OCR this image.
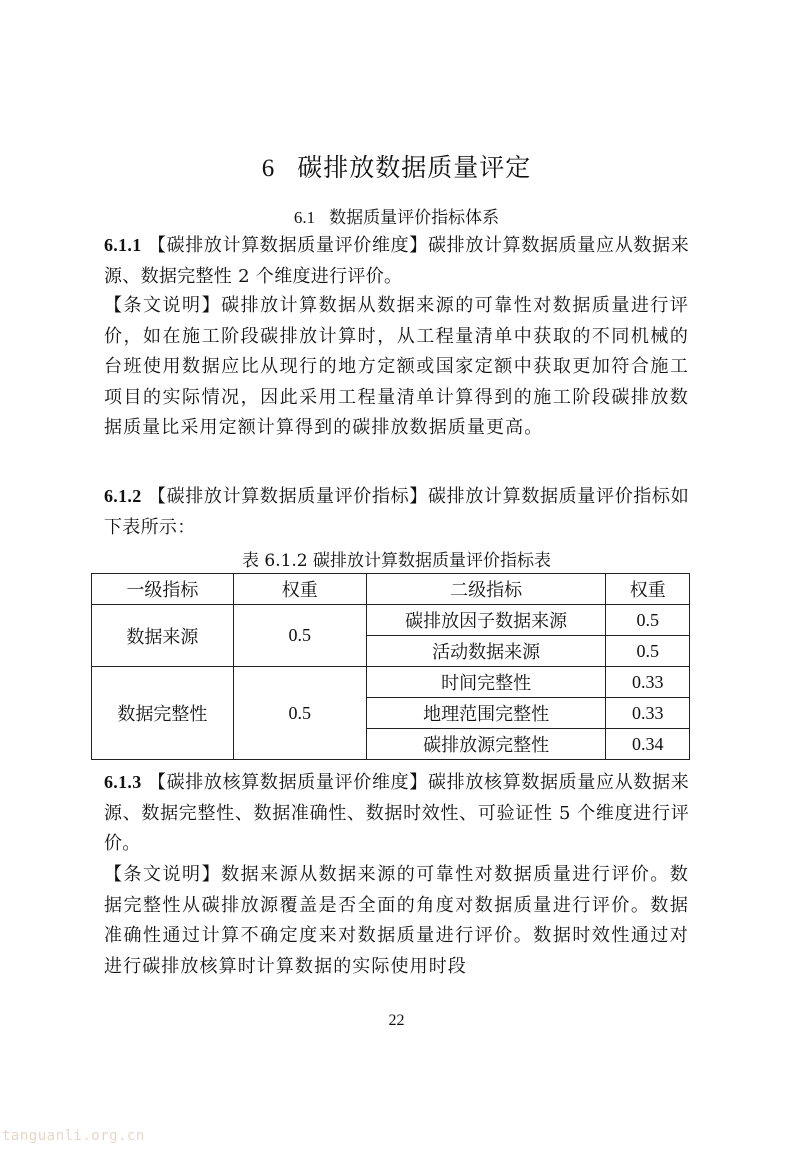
6 碳排放数据质量评定
6.1 数据质量评价指标体系
6.1.1 【碳排放计算数据质量评价维度】碳排放计算数据质量应从数据来源、数据完整性 2 个维度进行评价。
【条文说明】碳排放计算数据从数据来源的可靠性对数据质量进行评价，如在施工阶段碳排放计算时，从工程量清单中获取的不同机械的台班使用数据应比从现行的地方定额或国家定额中获取更加符合施工项目的实际情况，因此采用工程量清单计算得到的施工阶段碳排放数据质量比采用定额计算得到的碳排放数据质量更高。
6.1.2 【碳排放计算数据质量评价指标】碳排放计算数据质量评价指标如下表所示：
表 6.1.2 碳排放计算数据质量评价指标表
一级指标	权重	二级指标	权重
数据来源	0.5	碳排放因子数据来源	0.5
		活动数据来源	0.5
数据完整性	0.5	时间完整性	0.33
		地理范围完整性	0.33
		碳排放源完整性	0.34
6.1.3 【碳排放核算数据质量评价维度】碳排放核算数据质量应从数据来源、数据完整性、数据准确性、数据时效性、可验证性 5 个维度进行评价。
【条文说明】数据来源从数据来源的可靠性对数据质量进行评价。数据完整性从碳排放源覆盖是否全面的角度对数据质量进行评价。数据准确性通过计算不确定度来对数据质量进行评价。数据时效性通过对进行碳排放核算时计算数据的实际使用时段
22
tanguanli.org.cn
